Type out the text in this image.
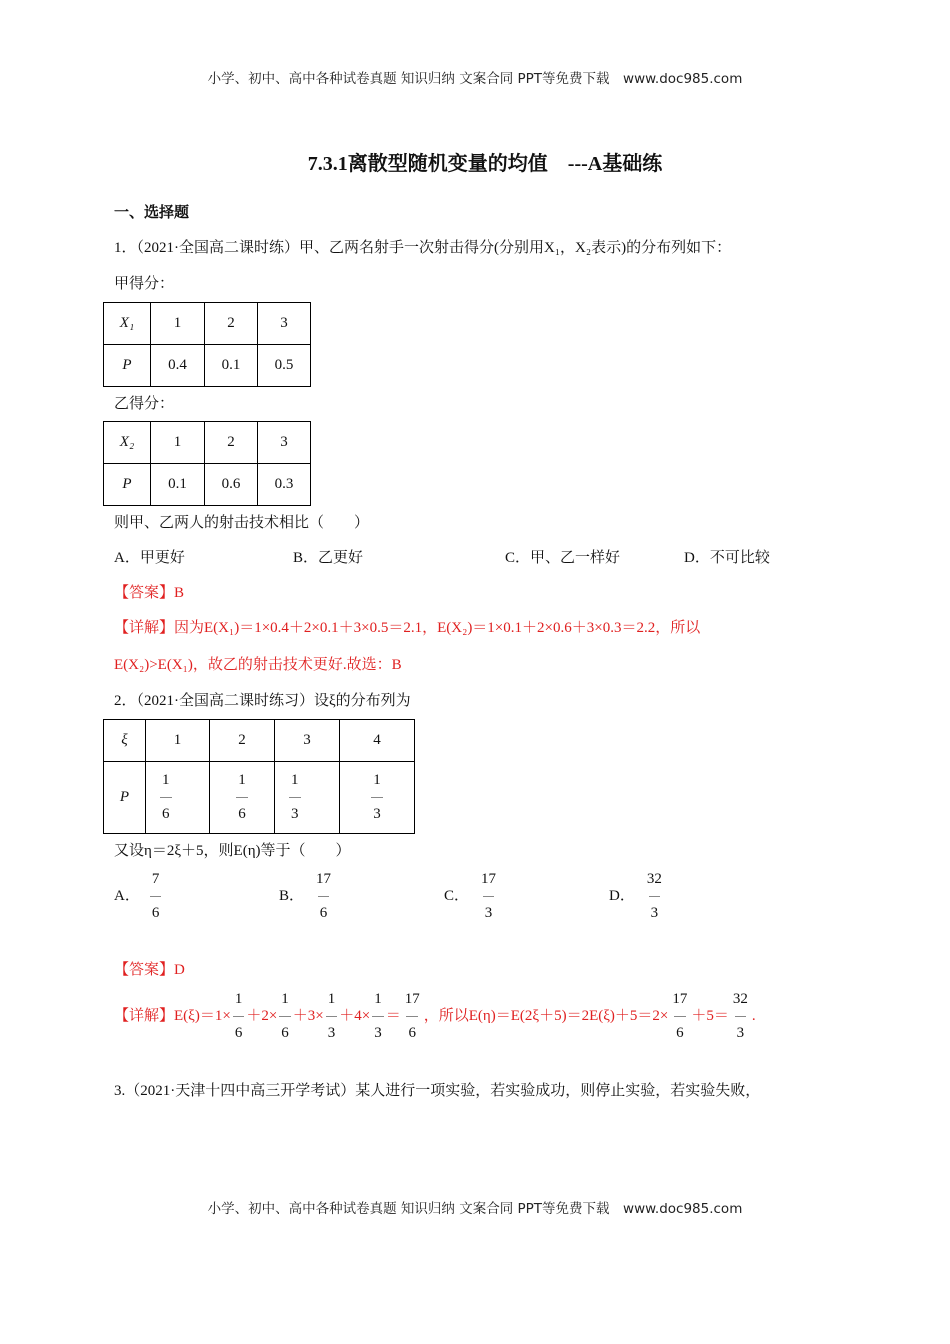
小学、初中、高中各种试卷真题 知识归纳 文案合同 PPT等免费下载　www.doc985.com
7.3.1离散型随机变量的均值　---A基础练
一、选择题
1．（2021·全国高二课时练）甲、乙两名射手一次射击得分(分别用X₁，X₂表示)的分布列如下：
甲得分：
X₁	1	2	3
P	0.4	0.1	0.5
乙得分：
X₂	1	2	3
P	0.1	0.6	0.3
则甲、乙两人的射击技术相比（　　）
A．甲更好	B．乙更好	C．甲、乙一样好	D．不可比较
【答案】B
【详解】因为E(X₁)＝1×0.4＋2×0.1＋3×0.5＝2.1，E(X₂)＝1×0.1＋2×0.6＋3×0.3＝2.2，所以
E(X₂)>E(X₁)，故乙的射击技术更好.故选：B
2．（2021·全国高二课时练习）设ξ的分布列为
ξ	1	2	3	4
P	$\frac{1}{6}$	$\frac{1}{6}$	$\frac{1}{3}$	$\frac{1}{3}$
又设η＝2ξ＋5，则E(η)等于（　　）
A． $\frac{7}{6}$	B． $\frac{17}{6}$	C． $\frac{17}{3}$	D． $\frac{32}{3}$
【答案】D
【详解】$E(\xi)=1\times \frac{1}{6} +2\times \frac{1}{6} +3\times \frac{1}{3} +4\times \frac{1}{3} = \frac{17}{6}$ ，所以$E(\eta)=E(2\xi+5)=2E(\xi)+5=2\times \frac{17}{6} +5= \frac{32}{3}$ .
3.（2021·天津十四中高三开学考试）某人进行一项实验，若实验成功，则停止实验，若实验失败，
小学、初中、高中各种试卷真题 知识归纳 文案合同 PPT等免费下载　www.doc985.com
